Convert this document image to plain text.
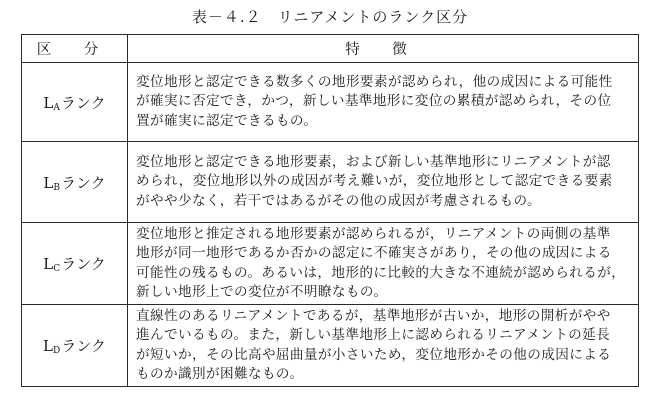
表－４.２　リニアメントのランク区分
区 分	特 徴
$L_A$ランク	変位地形と認定できる数多くの地形要素が認められ，他の成因による可能性
が確実に否定でき，かつ，新しい基準地形に変位の累積が認められ，その位
置が確実に認定できるもの。

$L_B$ランク	変位地形と認定できる地形要素，および新しい基準地形にリニアメントが認
められ，変位地形以外の成因が考え難いが，変位地形として認定できる要素
がやや少なく，若干ではあるがその他の成因が考慮されるもの。

$L_C$ランク	変位地形と推定される地形要素が認められるが，リニアメントの両側の基準
地形が同一地形であるか否かの認定に不確実さがあり，その他の成因による
可能性の残るもの。あるいは，地形的に比較的大きな不連続が認められるが，
新しい地形上での変位が不明瞭なもの。

$L_D$ランク	直線性のあるリニアメントであるが，基準地形が古いか，地形の開析がやや
進んでいるもの。また，新しい基準地形上に認められるリニアメントの延長
が短いか，その比高や屈曲量が小さいため，変位地形かその他の成因による
ものか識別が困難なもの。
